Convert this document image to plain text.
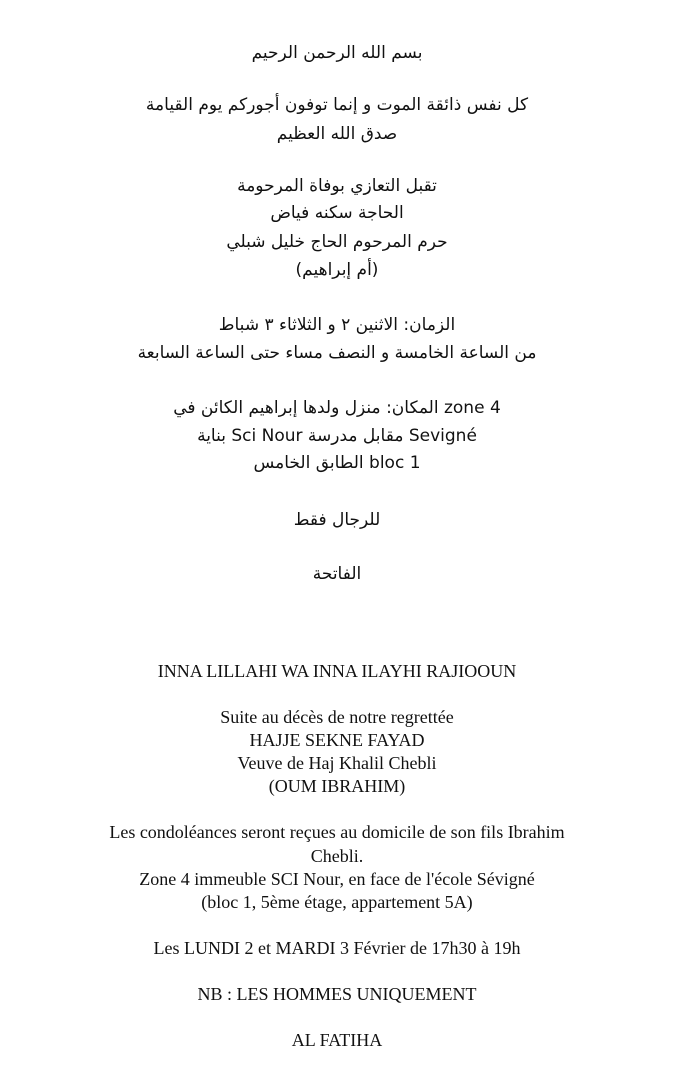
بسم الله الرحمن الرحيم
كل نفس ذائقة الموت و إنما توفون أجوركم يوم القيامة
صدق الله العظيم
تقبل التعازي بوفاة المرحومة
الحاجة سكنه فياض
حرم المرحوم الحاج خليل شبلي
(أم إبراهيم)
الزمان: الاثنين ٢ و الثلاثاء ٣ شباط
من الساعة الخامسة و النصف مساء حتى الساعة السابعة
zone 4 المكان: منزل ولدها إبراهيم الكائن في
Sevigné مقابل مدرسة Sci Nour بناية
bloc 1 الطابق الخامس
للرجال فقط
الفاتحة
INNA LILLAHI WA INNA ILAYHI RAJIOOUN
Suite au décès de notre regrettée
HAJJE SEKNE FAYAD
Veuve de Haj Khalil Chebli
(OUM IBRAHIM)
Les condoléances seront reçues au domicile de son fils Ibrahim
Chebli.
Zone 4 immeuble SCI Nour, en face de l'école Sévigné
(bloc 1, 5ème étage, appartement 5A)
Les LUNDI 2 et MARDI 3 Février de 17h30 à 19h
NB : LES HOMMES UNIQUEMENT
AL FATIHA
